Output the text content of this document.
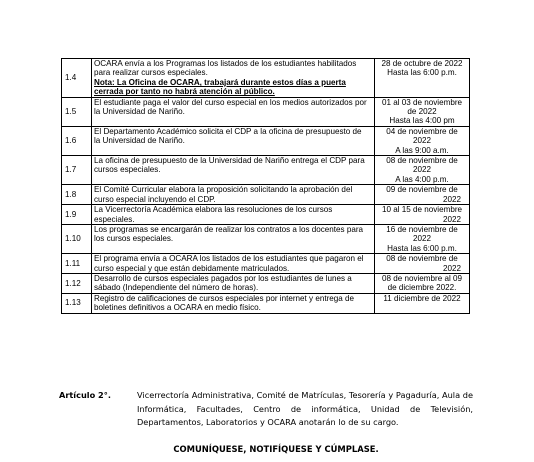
1.4	OCARA envía a los Programas los listados de los estudiantes habilitados
para realizar cursos especiales.
Nota: La Oficina de OCARA, trabajará durante estos días a puerta
cerrada por tanto no habrá atención al público.	28 de octubre de 2022
Hasta las 6:00 p.m.

1.5	El estudiante paga el valor del curso especial en los medios autorizados por
la Universidad de Nariño.	01 al 03 de noviembre
de 2022
Hasta las 4:00 pm

1.6	El Departamento Académico solicita el CDP a la oficina de presupuesto de
la Universidad de Nariño.	04 de noviembre de
2022
A las 9:00 a.m.

1.7	La oficina de presupuesto de la Universidad de Nariño entrega el CDP para
cursos especiales.	08 de noviembre de
2022
A las 4:00 p.m.

1.8	El Comité Curricular elabora la proposición solicitando la aprobación del
curso especial incluyendo el CDP.	09 de noviembre de
2022

1.9	La Vicerrectoría Académica elabora las resoluciones de los cursos
especiales.	10 al 15 de noviembre
2022

1.10	Los programas se encargarán de realizar los contratos a los docentes para
los cursos especiales.	16 de noviembre de
2022
Hasta las 6:00 p.m.

1.11	El programa envía a OCARA los listados de los estudiantes que pagaron el
curso especial y que están debidamente matriculados.	08 de noviembre de
2022

1.12	Desarrollo de cursos especiales pagados por los estudiantes de lunes a
sábado (Independiente del número de horas).	08 de noviembre al 09
de diciembre 2022.

1.13	Registro de calificaciones de cursos especiales por internet y entrega de
boletines definitivos a OCARA en medio físico.	11 diciembre de 2022
Artículo 2°.	Vicerrectoría Administrativa, Comité de Matrículas, Tesorería y Pagaduría, Aula de Informática, Facultades, Centro de informática, Unidad de Televisión, Departamentos, Laboratorios y OCARA anotarán lo de su cargo.
COMUNÍQUESE, NOTIFÍQUESE Y CÚMPLASE.
